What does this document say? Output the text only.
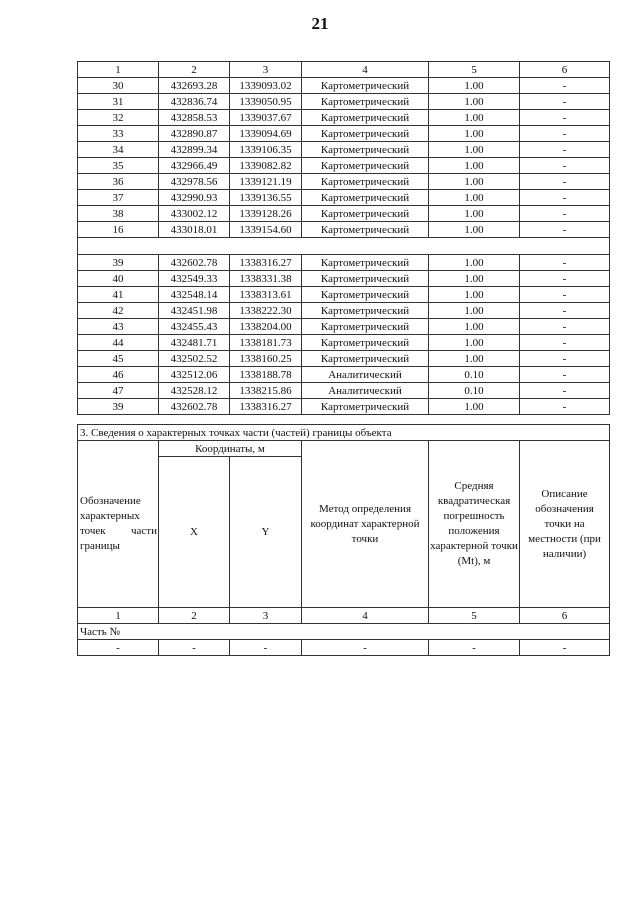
21
1	2	3	4	5	6
30	432693.28	1339093.02	Картометрический	1.00	-
31	432836.74	1339050.95	Картометрический	1.00	-
32	432858.53	1339037.67	Картометрический	1.00	-
33	432890.87	1339094.69	Картометрический	1.00	-
34	432899.34	1339106.35	Картометрический	1.00	-
35	432966.49	1339082.82	Картометрический	1.00	-
36	432978.56	1339121.19	Картометрический	1.00	-
37	432990.93	1339136.55	Картометрический	1.00	-
38	433002.12	1339128.26	Картометрический	1.00	-
16	433018.01	1339154.60	Картометрический	1.00	-

39	432602.78	1338316.27	Картометрический	1.00	-
40	432549.33	1338331.38	Картометрический	1.00	-
41	432548.14	1338313.61	Картометрический	1.00	-
42	432451.98	1338222.30	Картометрический	1.00	-
43	432455.43	1338204.00	Картометрический	1.00	-
44	432481.71	1338181.73	Картометрический	1.00	-
45	432502.52	1338160.25	Картометрический	1.00	-
46	432512.06	1338188.78	Аналитический	0.10	-
47	432528.12	1338215.86	Аналитический	0.10	-
39	432602.78	1338316.27	Картометрический	1.00	-
3. Сведения о характерных точках части (частей) границы объекта					
Обозначение характерных точек части границы	Координаты, м		Метод определения координат характерной точки	Средняя квадратическая погрешность положения характерной точки (Mt), м	Описание обозначения точки на местности (при наличии)
	X	Y			
1	2	3	4	5	6
Часть №					
-	-	-	-	-	-
